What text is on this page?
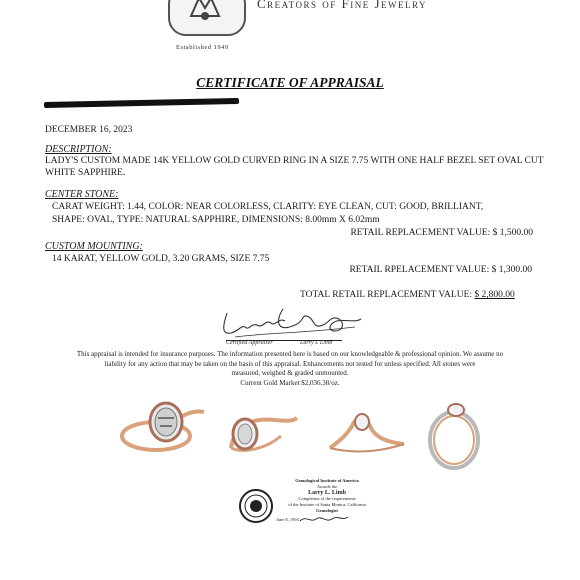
Creators of Fine Jewelry
Established 1949
CERTIFICATE OF APPRAISAL
DECEMBER 16, 2023
DESCRIPTION:
LADY'S CUSTOM MADE 14K YELLOW GOLD CURVED RING IN A SIZE 7.75 WITH ONE HALF BEZEL SET OVAL CUT
WHITE SAPPHIRE.
CENTER STONE:
CARAT WEIGHT: 1.44, COLOR: NEAR COLORLESS, CLARITY: EYE CLEAN, CUT: GOOD, BRILLIANT,
SHAPE: OVAL, TYPE: NATURAL SAPPHIRE, DIMENSIONS: 8.00mm X 6.02mm
RETAIL REPLACEMENT VALUE: $ 1,500.00
CUSTOM MOUNTING:
14 KARAT, YELLOW GOLD, 3.20 GRAMS, SIZE 7.75
RETAIL RPELACEMENT VALUE: $ 1,300.00
TOTAL RETAIL REPLACEMENT VALUE: $ 2,800.00
Certified Appraiser	Larry L Limb
This appraisal is intended for insurance purposes. The information presented here is based on our knowledgeable & professional opinion. We assume no
liability for any action that may be taken on the basis of this appraisal. Enhancements not tested for unless specified. All stones were
measured, weighed & graded unmounted.
Current Gold Market $2,036.38/oz.
Gemological Institute of America
Awards the
Larry L. Limb
Completion of the requirements
of the Institute of Santa Monica, California
Gemologist
June 8, 1993
